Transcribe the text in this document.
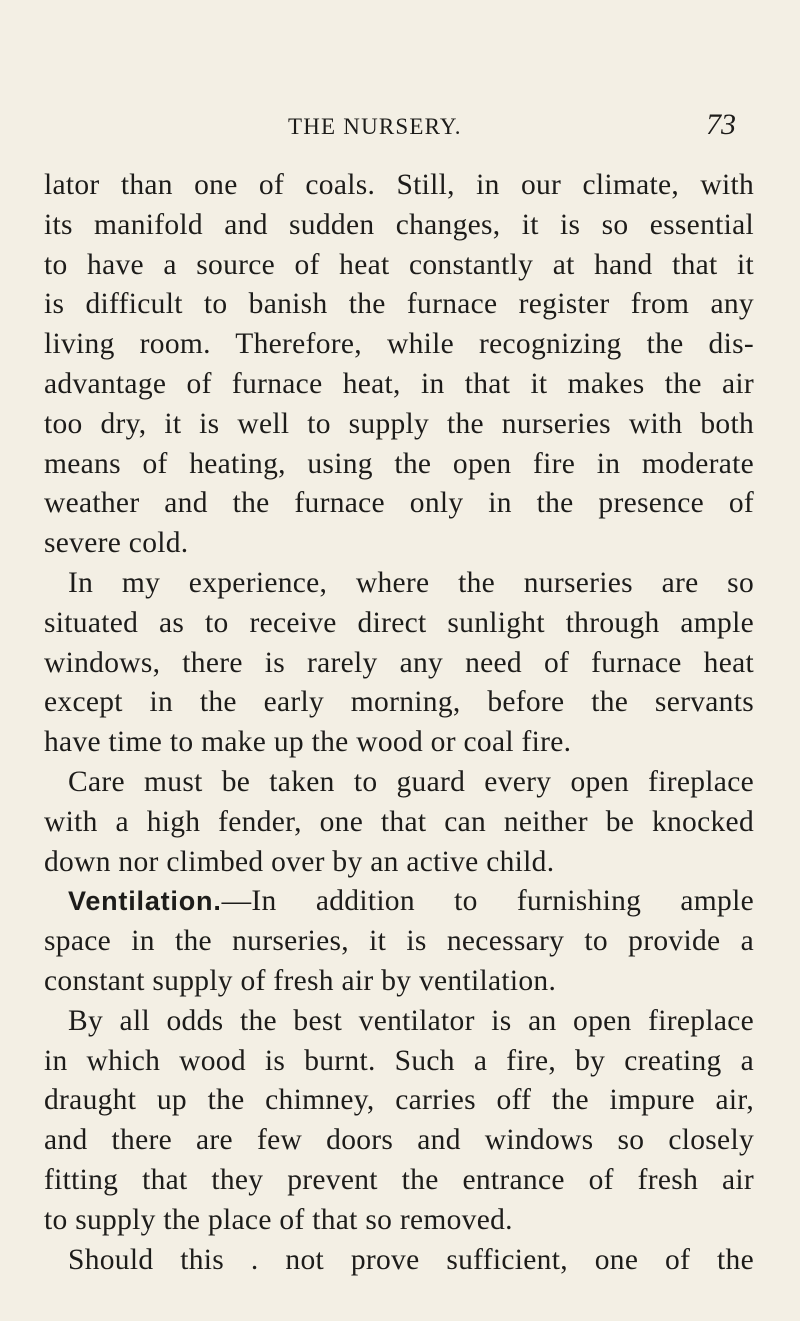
THE NURSERY.	73
lator than one of coals. Still, in our climate, with
its manifold and sudden changes, it is so essential
to have a source of heat constantly at hand that it
is difficult to banish the furnace register from any
living room. Therefore, while recognizing the dis-
advantage of furnace heat, in that it makes the air
too dry, it is well to supply the nurseries with both
means of heating, using the open fire in moderate
weather and the furnace only in the presence of
severe cold.
In my experience, where the nurseries are so
situated as to receive direct sunlight through ample
windows, there is rarely any need of furnace heat
except in the early morning, before the servants
have time to make up the wood or coal fire.
Care must be taken to guard every open fireplace
with a high fender, one that can neither be knocked
down nor climbed over by an active child.
Ventilation.—In addition to furnishing ample
space in the nurseries, it is necessary to provide a
constant supply of fresh air by ventilation.
By all odds the best ventilator is an open fireplace
in which wood is burnt. Such a fire, by creating a
draught up the chimney, carries off the impure air,
and there are few doors and windows so closely
fitting that they prevent the entrance of fresh air
to supply the place of that so removed.
Should this . not prove sufficient, one of the
